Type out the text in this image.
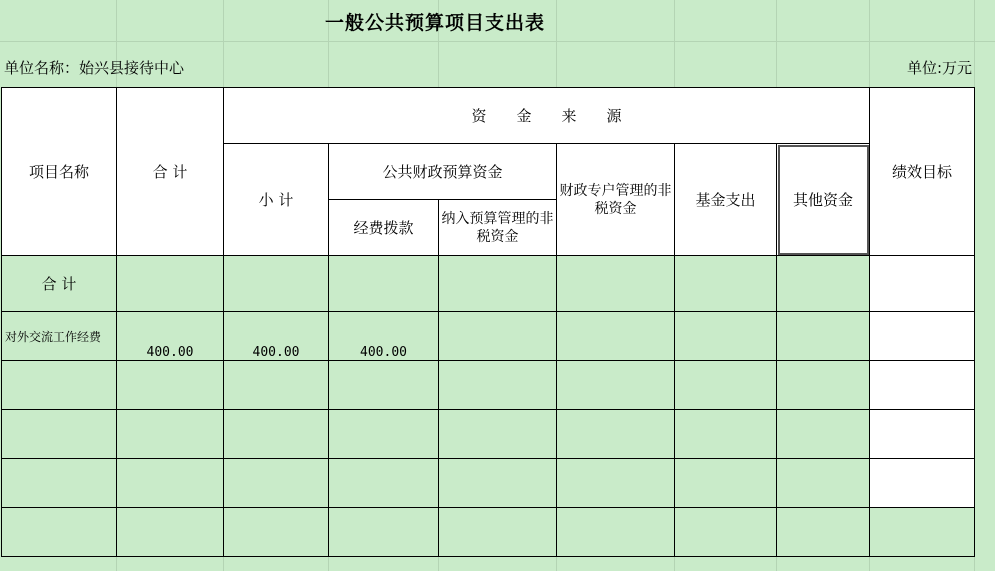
一般公共预算项目支出表
单位名称：始兴县接待中心	单位:万元
项目名称	合 计	资　　金　　来　　源						绩效目标
		小 计	公共财政预算资金		财政专户管理的非税资金	基金支出	其他资金	
			经费拨款	纳入预算管理的非税资金				
合 计	

对外交流工作经费	400.00	400.00	400.00					
